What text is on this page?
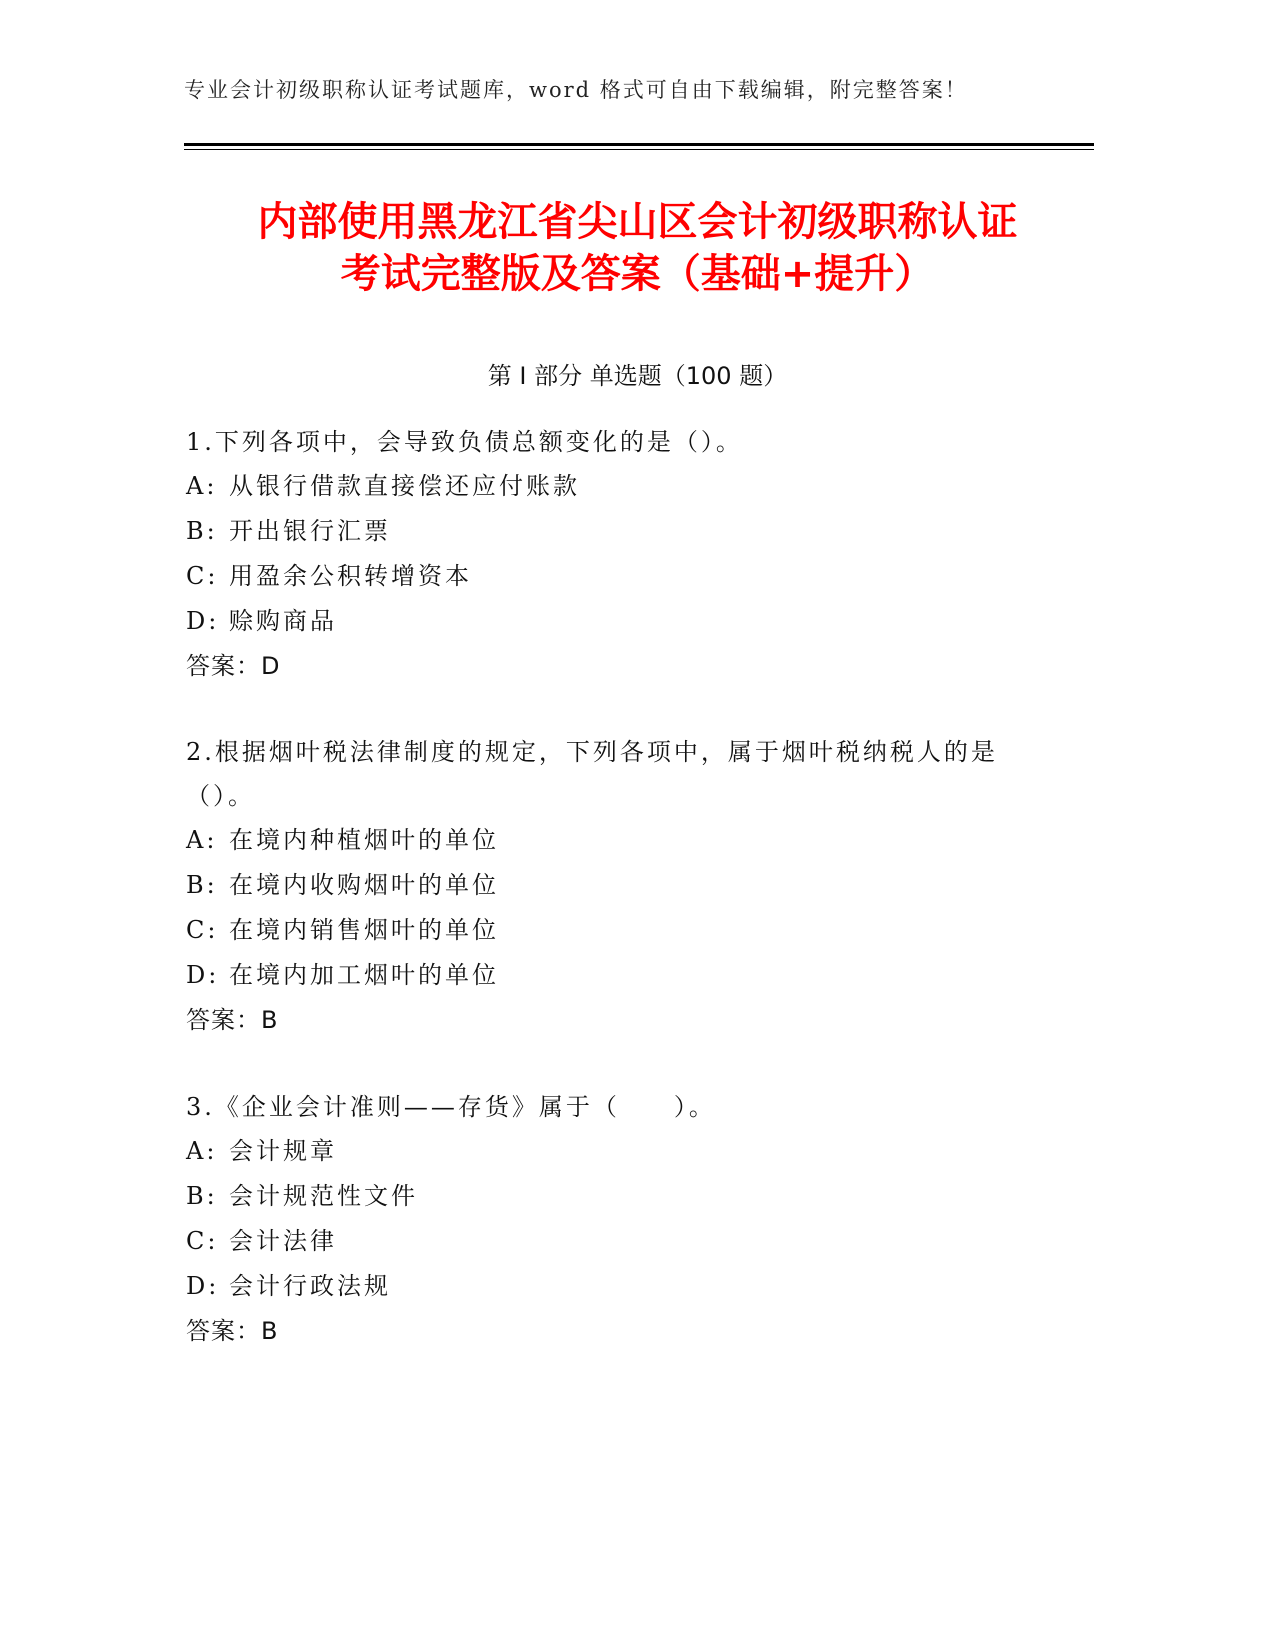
专业会计初级职称认证考试题库，word 格式可自由下载编辑，附完整答案！
内部使用黑龙江省尖山区会计初级职称认证
考试完整版及答案（基础+提升）
第 I 部分 单选题（100 题）

1.下列各项中，会导致负债总额变化的是（）。

A: 从银行借款直接偿还应付账款
B: 开出银行汇票
C: 用盈余公积转增资本
D: 赊购商品
答案：D

2.根据烟叶税法律制度的规定，下列各项中，属于烟叶税纳税人的是（）。

A: 在境内种植烟叶的单位
B: 在境内收购烟叶的单位
C: 在境内销售烟叶的单位
D: 在境内加工烟叶的单位
答案：B

3.《企业会计准则——存货》属于（　　）。

A: 会计规章
B: 会计规范性文件
C: 会计法律
D: 会计行政法规
答案：B
